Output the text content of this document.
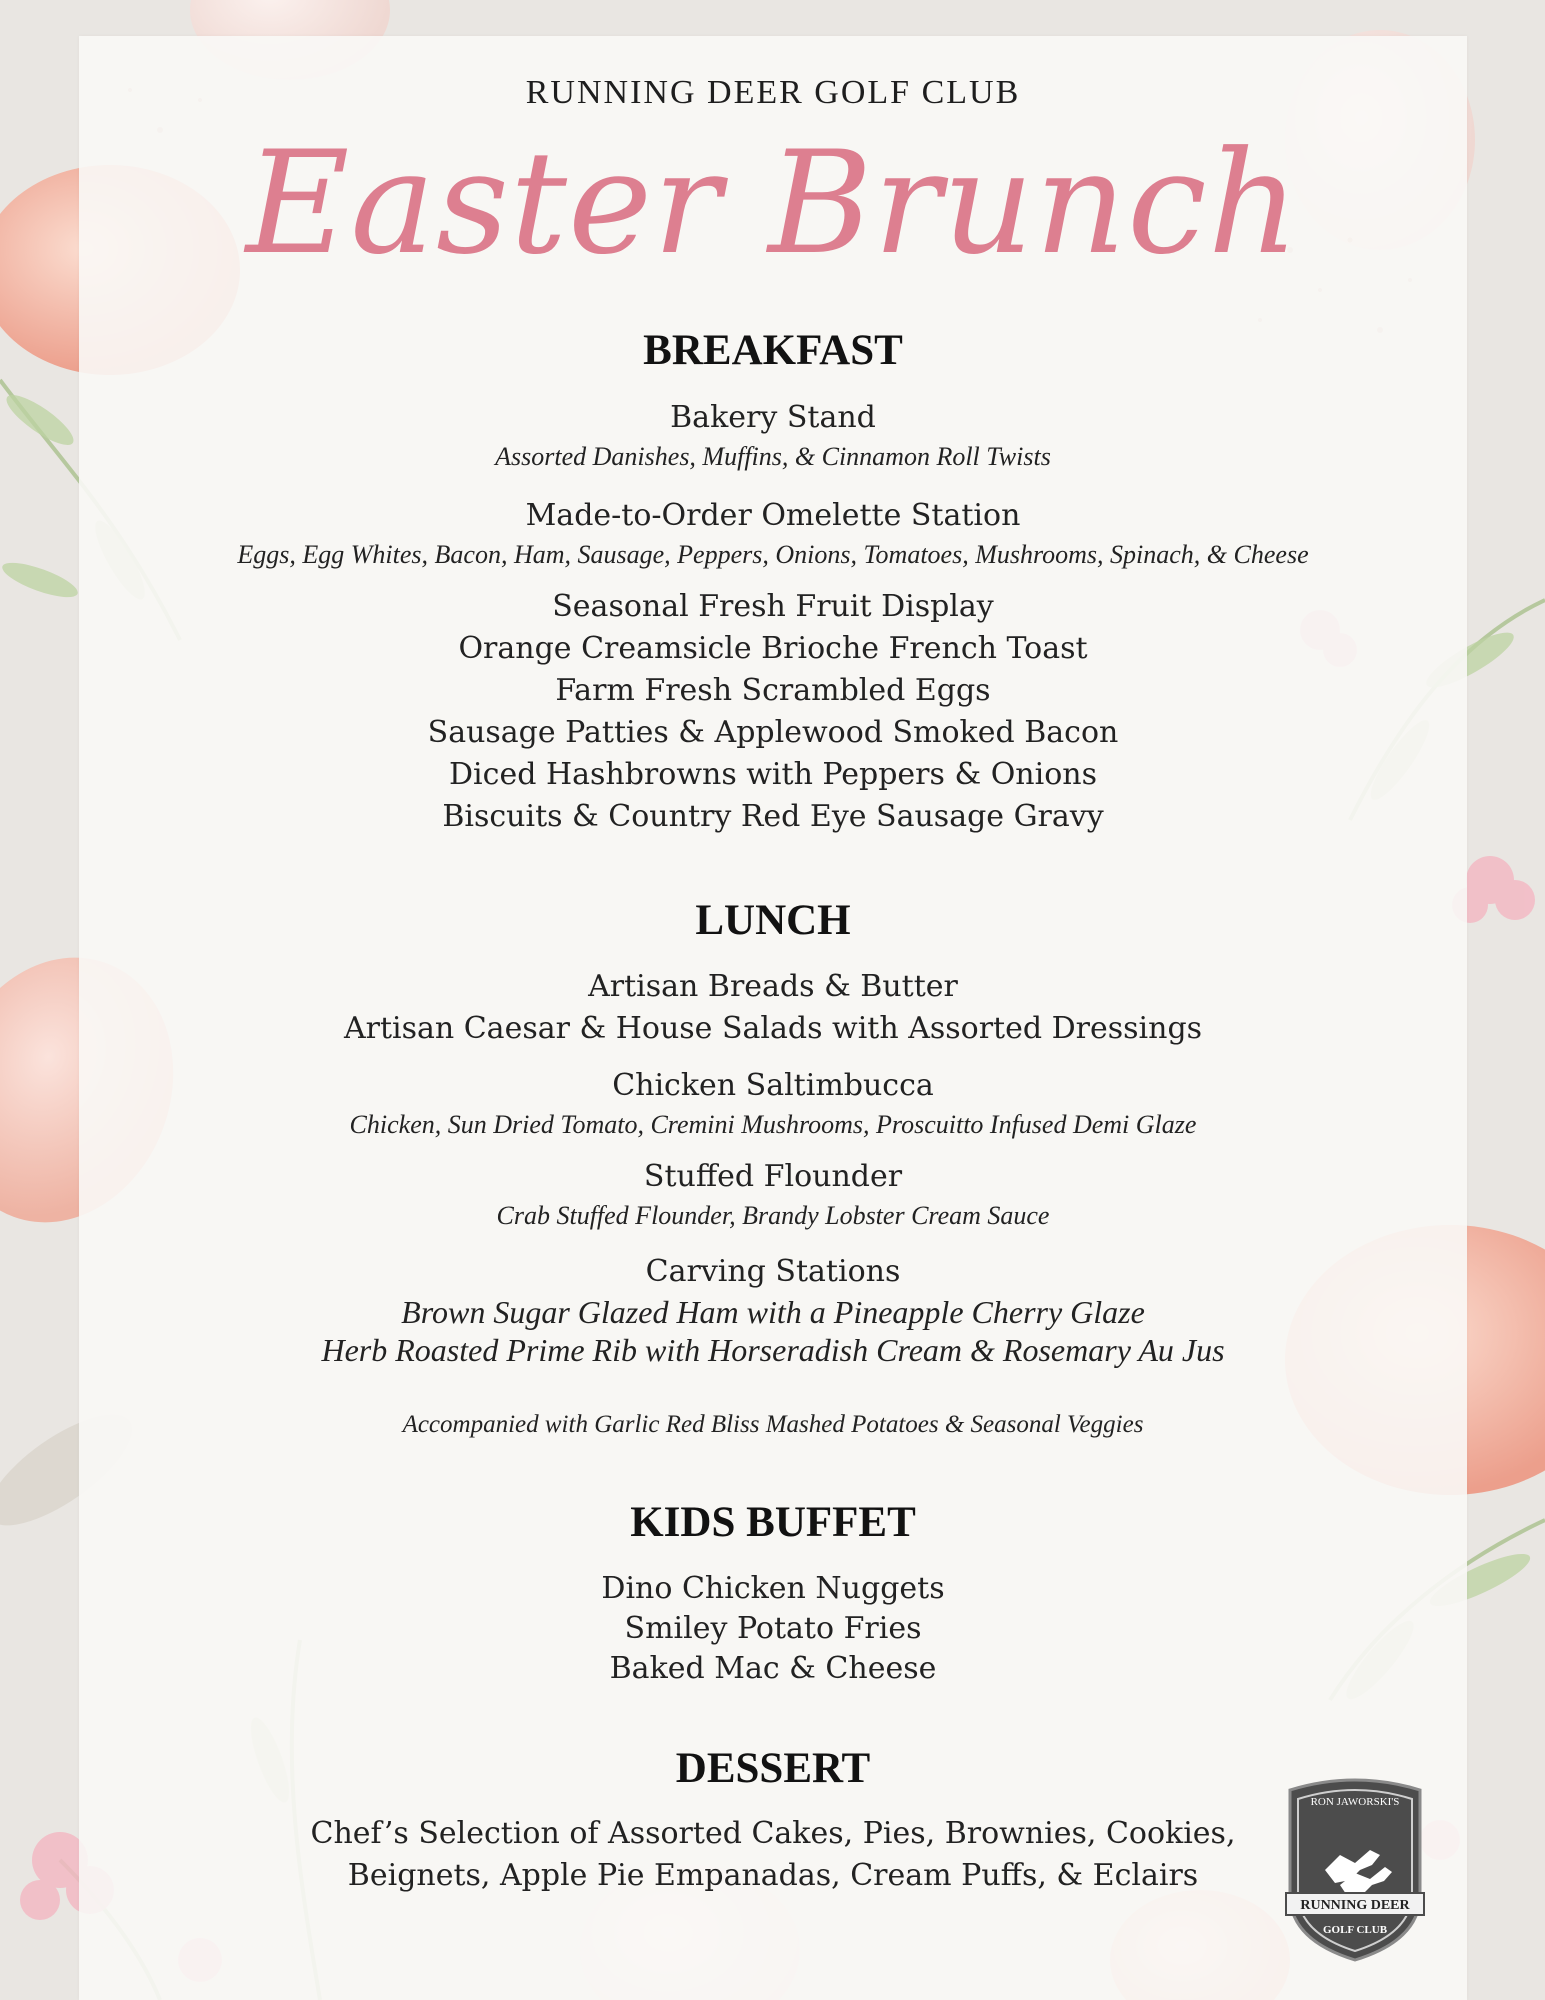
RUNNING DEER GOLF CLUB
Easter Brunch
BREAKFAST
Bakery Stand
Assorted Danishes, Muffins, & Cinnamon Roll Twists
Made-to-Order Omelette Station
Eggs, Egg Whites, Bacon, Ham, Sausage, Peppers, Onions, Tomatoes, Mushrooms, Spinach, & Cheese
Seasonal Fresh Fruit Display
Orange Creamsicle Brioche French Toast
Farm Fresh Scrambled Eggs
Sausage Patties & Applewood Smoked Bacon
Diced Hashbrowns with Peppers & Onions
Biscuits & Country Red Eye Sausage Gravy
LUNCH
Artisan Breads & Butter
Artisan Caesar & House Salads with Assorted Dressings
Chicken Saltimbucca
Chicken, Sun Dried Tomato, Cremini Mushrooms, Proscuitto Infused Demi Glaze
Stuffed Flounder
Crab Stuffed Flounder, Brandy Lobster Cream Sauce
Carving Stations
Brown Sugar Glazed Ham with a Pineapple Cherry Glaze
Herb Roasted Prime Rib with Horseradish Cream & Rosemary Au Jus
Accompanied with Garlic Red Bliss Mashed Potatoes & Seasonal Veggies
KIDS BUFFET
Dino Chicken Nuggets
Smiley Potato Fries
Baked Mac & Cheese
DESSERT
Chef’s Selection of Assorted Cakes, Pies, Brownies, Cookies,
Beignets, Apple Pie Empanadas, Cream Puffs, & Eclairs
RON JAWORSKI'S
RUNNING DEER
GOLF CLUB
